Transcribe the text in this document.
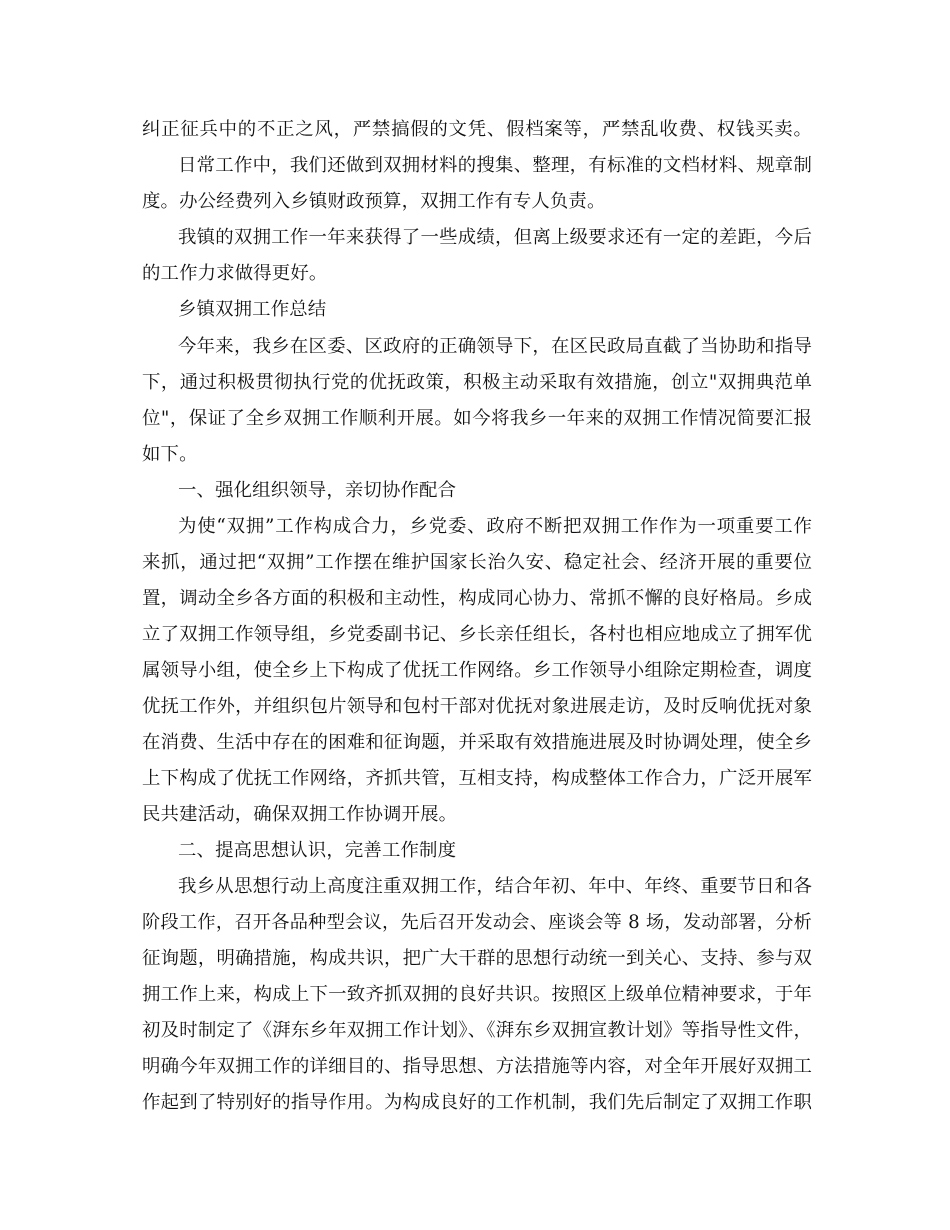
纠正征兵中的不正之风，严禁搞假的文凭、假档案等，严禁乱收费、权钱买卖。
日常工作中，我们还做到双拥材料的搜集、整理，有标准的文档材料、规章制
度。办公经费列入乡镇财政预算，双拥工作有专人负责。
我镇的双拥工作一年来获得了一些成绩，但离上级要求还有一定的差距，今后
的工作力求做得更好。
乡镇双拥工作总结
今年来，我乡在区委、区政府的正确领导下，在区民政局直截了当协助和指导
下，通过积极贯彻执行党的优抚政策，积极主动采取有效措施，创立"双拥典范单
位"，保证了全乡双拥工作顺利开展。如今将我乡一年来的双拥工作情况简要汇报
如下。
一、强化组织领导，亲切协作配合
为使“双拥”工作构成合力，乡党委、政府不断把双拥工作作为一项重要工作
来抓，通过把“双拥”工作摆在维护国家长治久安、稳定社会、经济开展的重要位
置，调动全乡各方面的积极和主动性，构成同心协力、常抓不懈的良好格局。乡成
立了双拥工作领导组，乡党委副书记、乡长亲任组长，各村也相应地成立了拥军优
属领导小组，使全乡上下构成了优抚工作网络。乡工作领导小组除定期检查，调度
优抚工作外，并组织包片领导和包村干部对优抚对象进展走访，及时反响优抚对象
在消费、生活中存在的困难和征询题，并采取有效措施进展及时协调处理，使全乡
上下构成了优抚工作网络，齐抓共管，互相支持，构成整体工作合力，广泛开展军
民共建活动，确保双拥工作协调开展。
二、提高思想认识，完善工作制度
我乡从思想行动上高度注重双拥工作，结合年初、年中、年终、重要节日和各
阶段工作，召开各品种型会议，先后召开发动会、座谈会等 8 场，发动部署，分析
征询题，明确措施，构成共识，把广大干群的思想行动统一到关心、支持、参与双
拥工作上来，构成上下一致齐抓双拥的良好共识。按照区上级单位精神要求，于年
初及时制定了《湃东乡年双拥工作计划》、《湃东乡双拥宣教计划》等指导性文件，
明确今年双拥工作的详细目的、指导思想、方法措施等内容，对全年开展好双拥工
作起到了特别好的指导作用。为构成良好的工作机制，我们先后制定了双拥工作职
